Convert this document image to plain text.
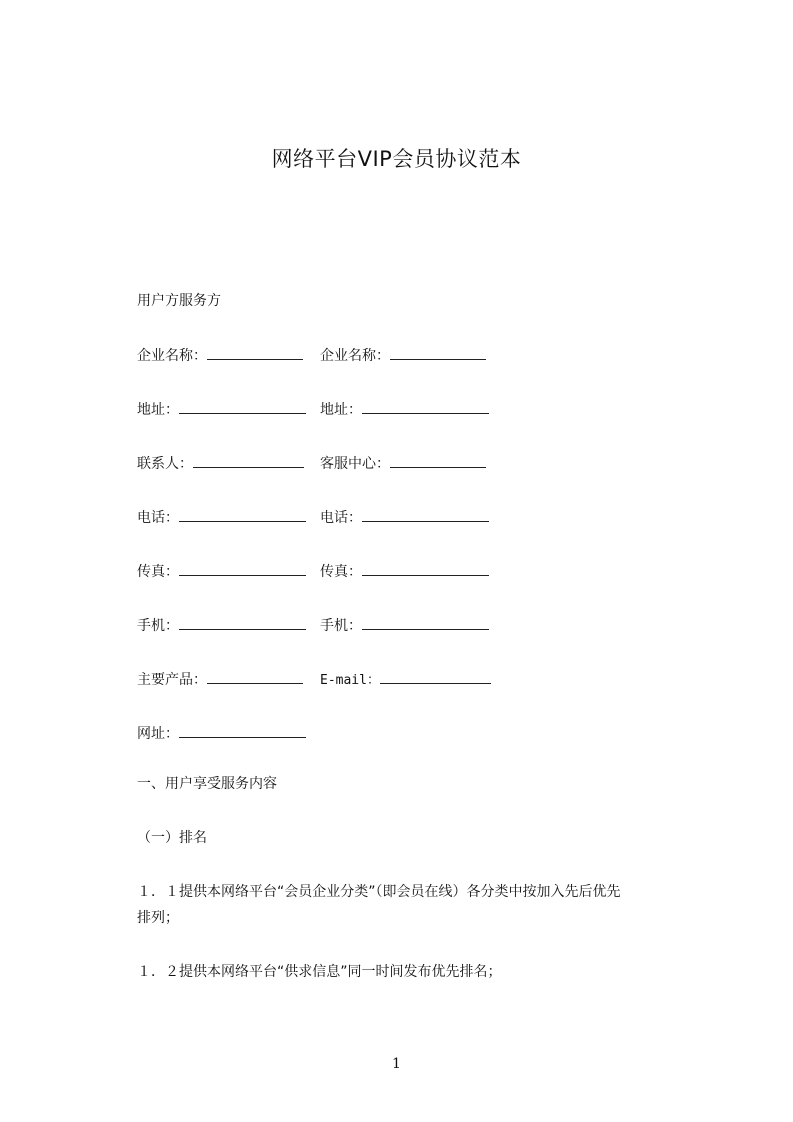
网络平台VIP会员协议范本
用户方服务方
企业名称：	企业名称：
地址：	地址：
联系人：	客服中心：
电话：	电话：
传真：	传真：
手机：	手机：
主要产品：	E-mail：
网址：
一、用户享受服务内容
（一）排名
１．１提供本网络平台“会员企业分类”（即会员在线）各分类中按加入先后优先
排列；
１．２提供本网络平台“供求信息”同一时间发布优先排名；
1
